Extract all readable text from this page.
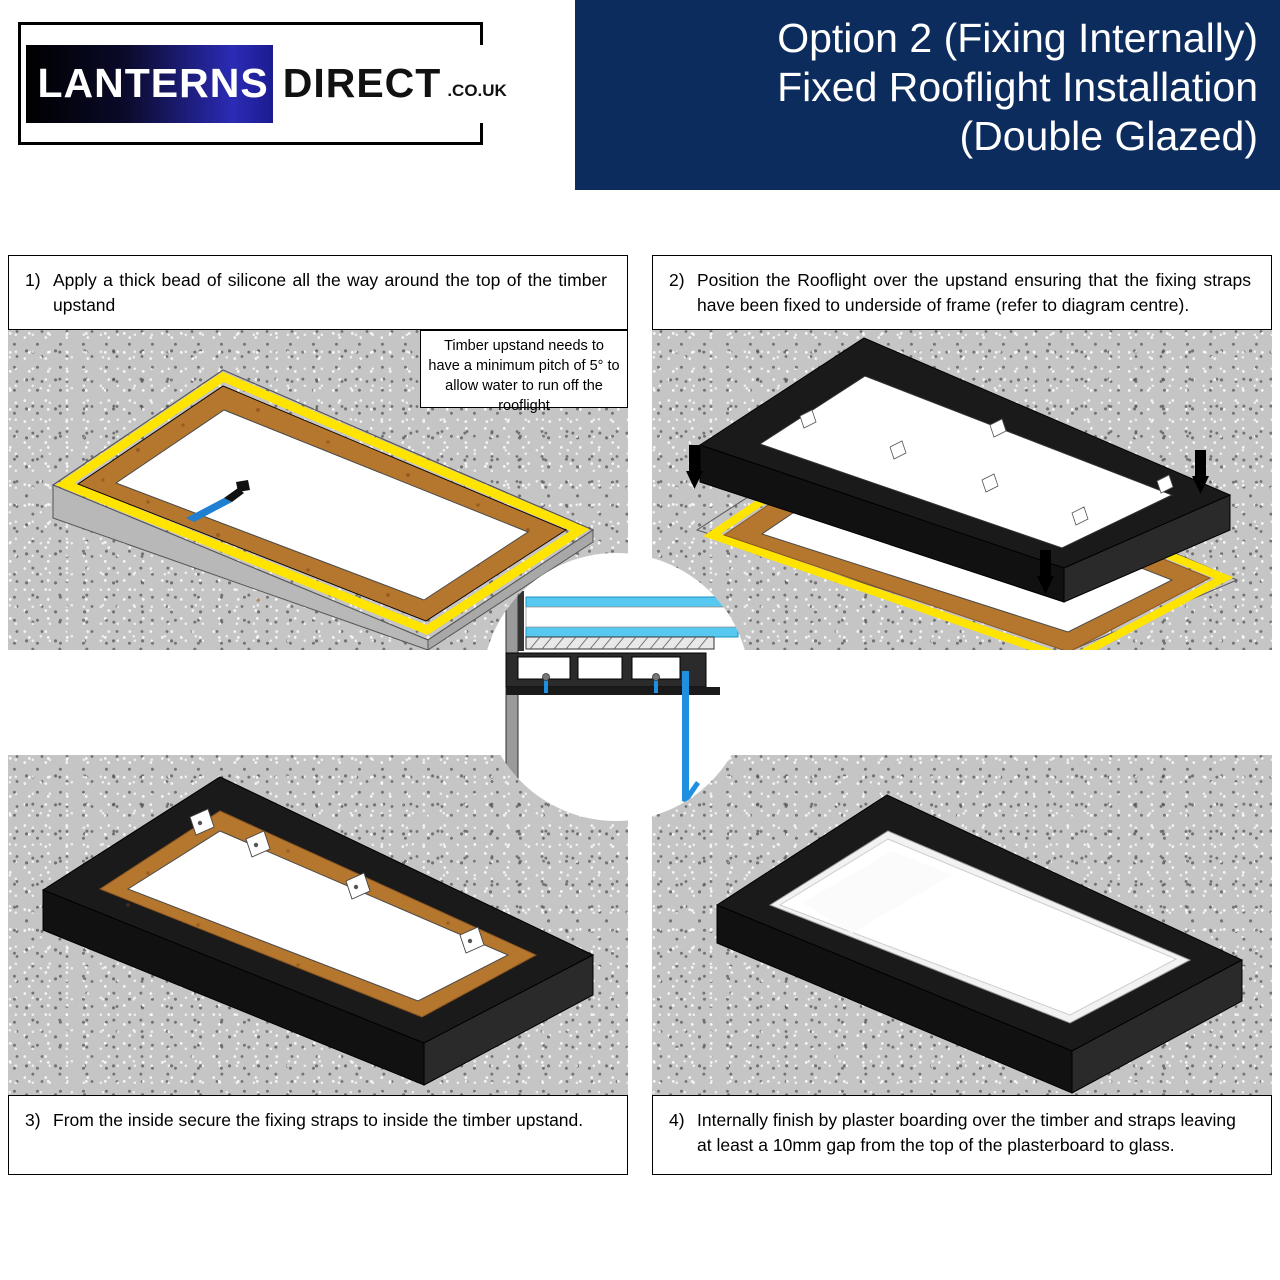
LANTERNS DIRECT .CO.UK
Option 2 (Fixing Internally)
Fixed Rooflight Installation
(Double Glazed)
1) Apply a thick bead of silicone all the way around the top of the timber upstand
Timber upstand needs to have a minimum pitch of 5° to allow water to run off the rooflight
2) Position the Rooflight over the upstand ensuring that the fixing straps have been fixed to underside of frame (refer to diagram centre).
3) From the inside secure the fixing straps to inside the timber upstand.	4) Internally finish by plaster boarding over the timber and straps leaving at least a 10mm gap from the top of the plasterboard to glass.
